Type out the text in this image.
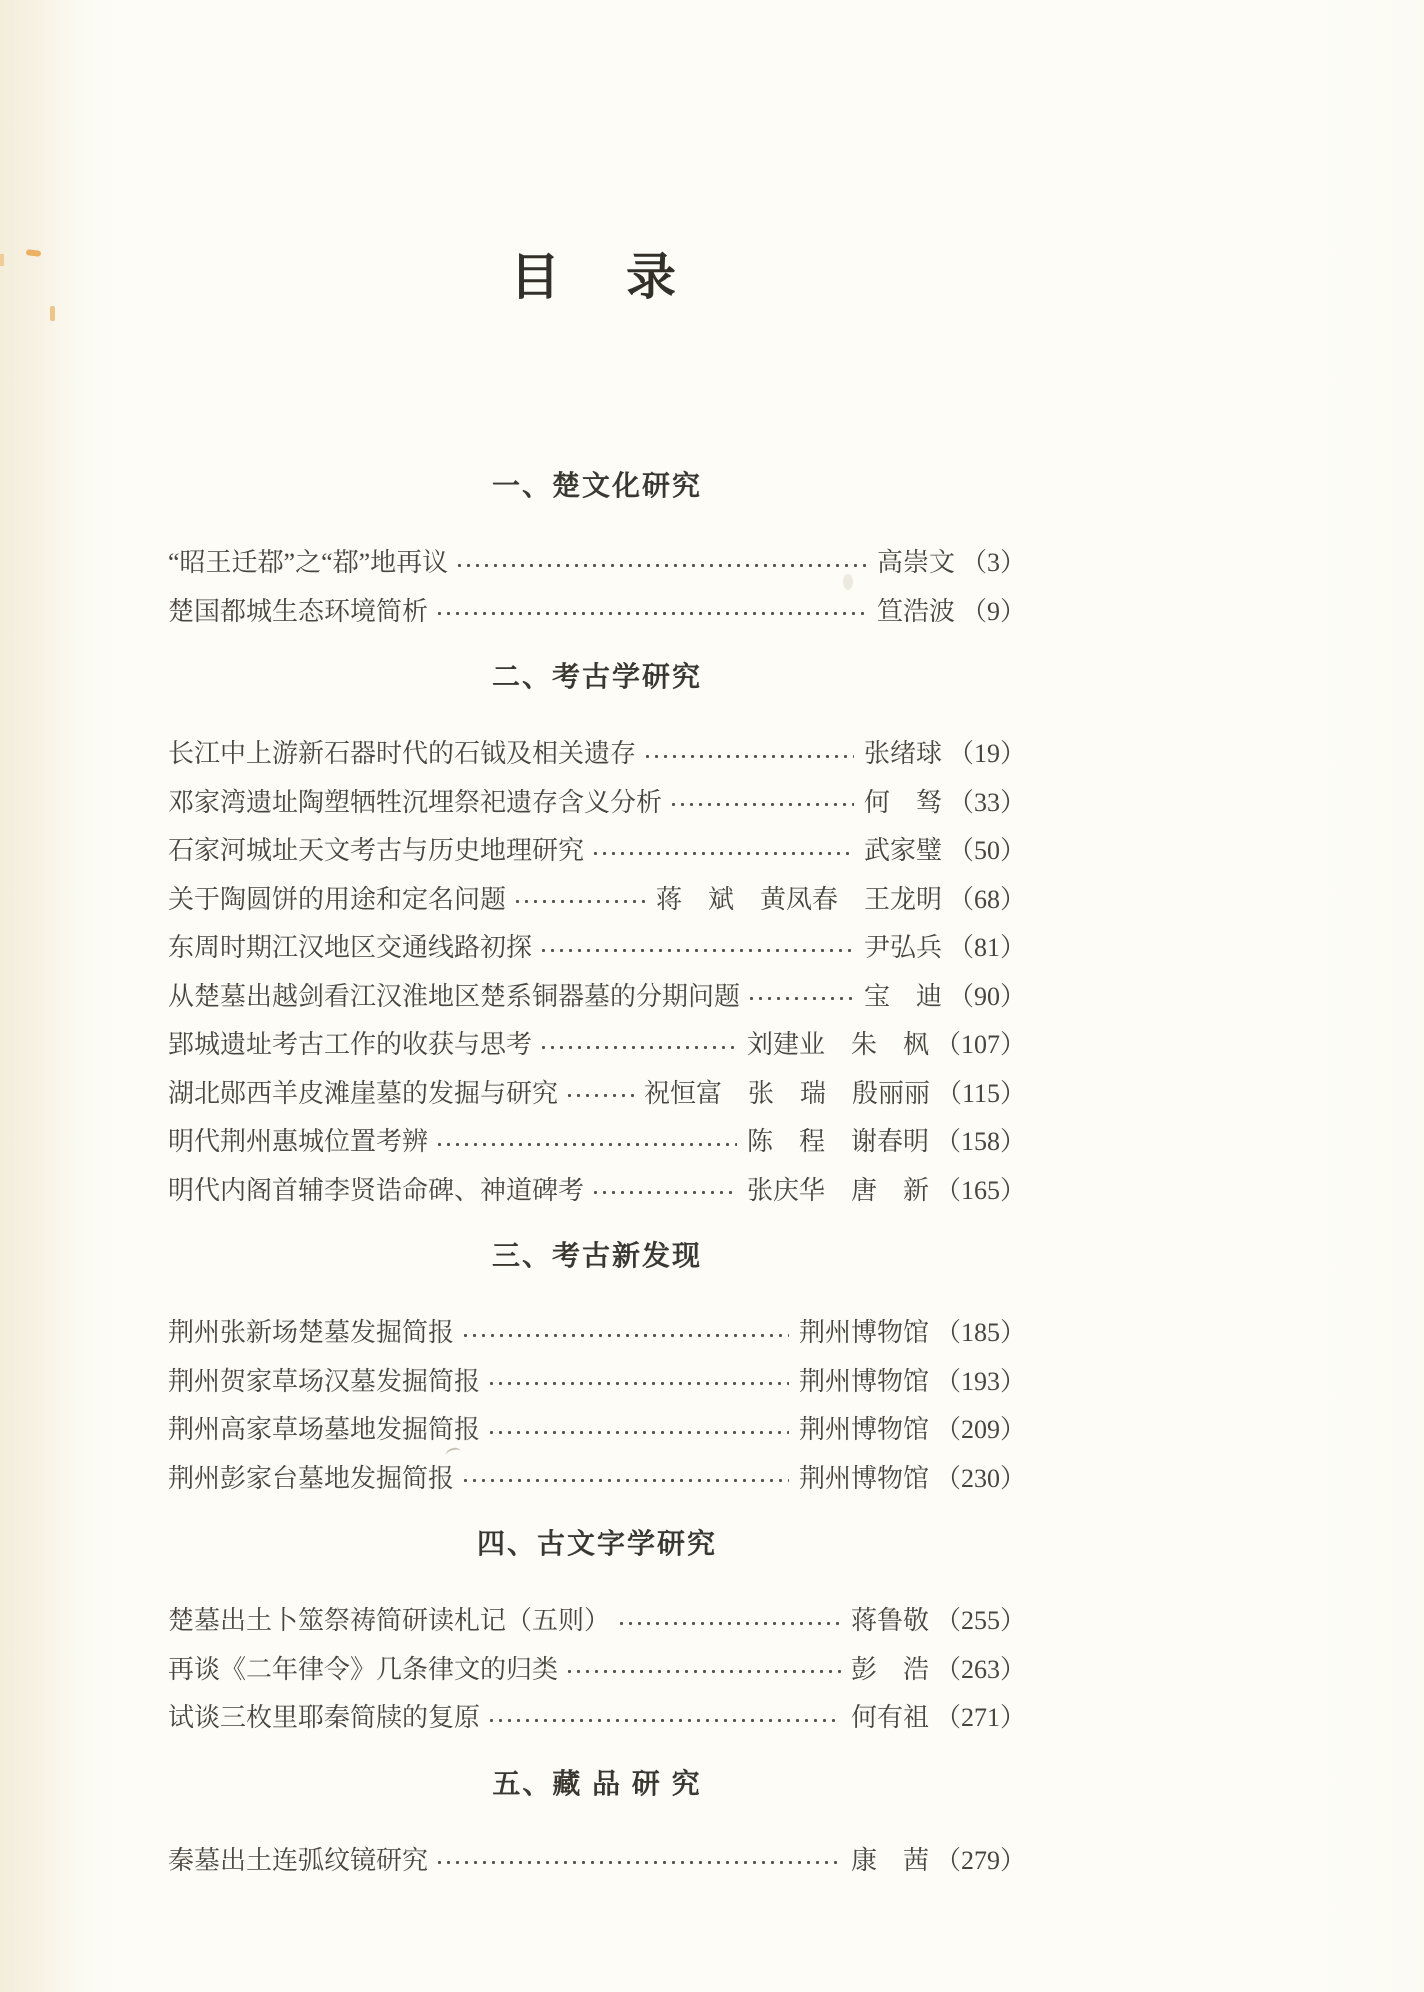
目　录
一、楚文化研究
“昭王迁鄀”之“鄀”地再议	高崇文 （3）
楚国都城生态环境简析	笪浩波 （9）
二、考古学研究
长江中上游新石器时代的石钺及相关遗存	张绪球 （19）
邓家湾遗址陶塑牺牲沉埋祭祀遗存含义分析	何　驽 （33）
石家河城址天文考古与历史地理研究	武家璧 （50）
关于陶圆饼的用途和定名问题	蒋　斌　黄凤春　王龙明 （68）
东周时期江汉地区交通线路初探	尹弘兵 （81）
从楚墓出越剑看江汉淮地区楚系铜器墓的分期问题	宝　迪 （90）
郢城遗址考古工作的收获与思考	刘建业　朱　枫 （107）
湖北郧西羊皮滩崖墓的发掘与研究	祝恒富　张　瑞　殷丽丽 （115）
明代荆州惠城位置考辨	陈　程　谢春明 （158）
明代内阁首辅李贤诰命碑、神道碑考	张庆华　唐　新 （165）
三、考古新发现
荆州张新场楚墓发掘简报	荆州博物馆 （185）
荆州贺家草场汉墓发掘简报	荆州博物馆 （193）
荆州高家草场墓地发掘简报	荆州博物馆 （209）
荆州彭家台墓地发掘简报	荆州博物馆 （230）
四、古文字学研究
楚墓出土卜筮祭祷简研读札记（五则）	蒋鲁敬 （255）
再谈《二年律令》几条律文的归类	彭　浩 （263）
试谈三枚里耶秦简牍的复原	何有祖 （271）
五、藏 品 研 究
秦墓出土连弧纹镜研究	康　茜 （279）
